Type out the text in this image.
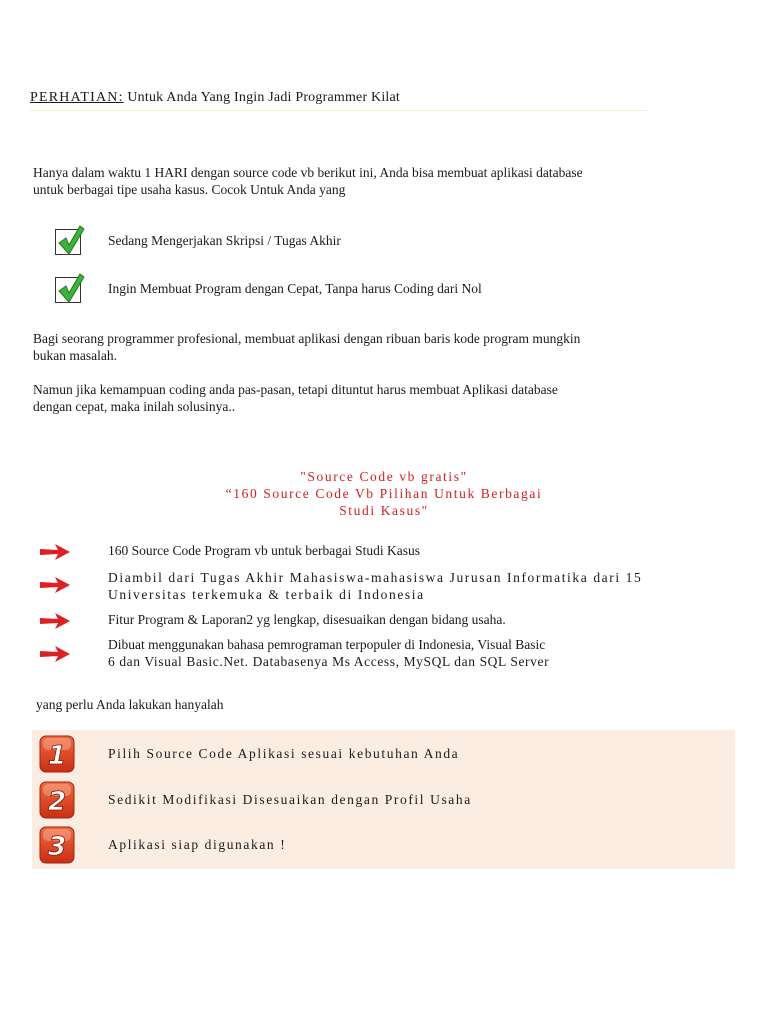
PERHATIAN: Untuk Anda Yang Ingin Jadi Programmer Kilat
Hanya dalam waktu 1 HARI dengan source code vb berikut ini, Anda bisa membuat aplikasi database
untuk berbagai tipe usaha kasus. Cocok Untuk Anda yang
Sedang Mengerjakan Skripsi / Tugas Akhir
Ingin Membuat Program dengan Cepat, Tanpa harus Coding dari Nol
Bagi seorang programmer profesional, membuat aplikasi dengan ribuan baris kode program mungkin
bukan masalah.
Namun jika kemampuan coding anda pas-pasan, tetapi dituntut harus membuat Aplikasi database
dengan cepat, maka inilah solusinya..
"Source Code vb gratis"
“160 Source Code Vb Pilihan Untuk Berbagai
Studi Kasus"
160 Source Code Program vb untuk berbagai Studi Kasus
Diambil dari Tugas Akhir Mahasiswa-mahasiswa Jurusan Informatika dari 15
Universitas terkemuka & terbaik di Indonesia
Fitur Program & Laporan2 yg lengkap, disesuaikan dengan bidang usaha.
Dibuat menggunakan bahasa pemrograman terpopuler di Indonesia, Visual Basic
6 dan Visual Basic.Net. Databasenya Ms Access, MySQL dan SQL Server
yang perlu Anda lakukan hanyalah
1	Pilih Source Code Aplikasi sesuai kebutuhan Anda
2	Sedikit Modifikasi Disesuaikan dengan Profil Usaha
3	Aplikasi siap digunakan !
